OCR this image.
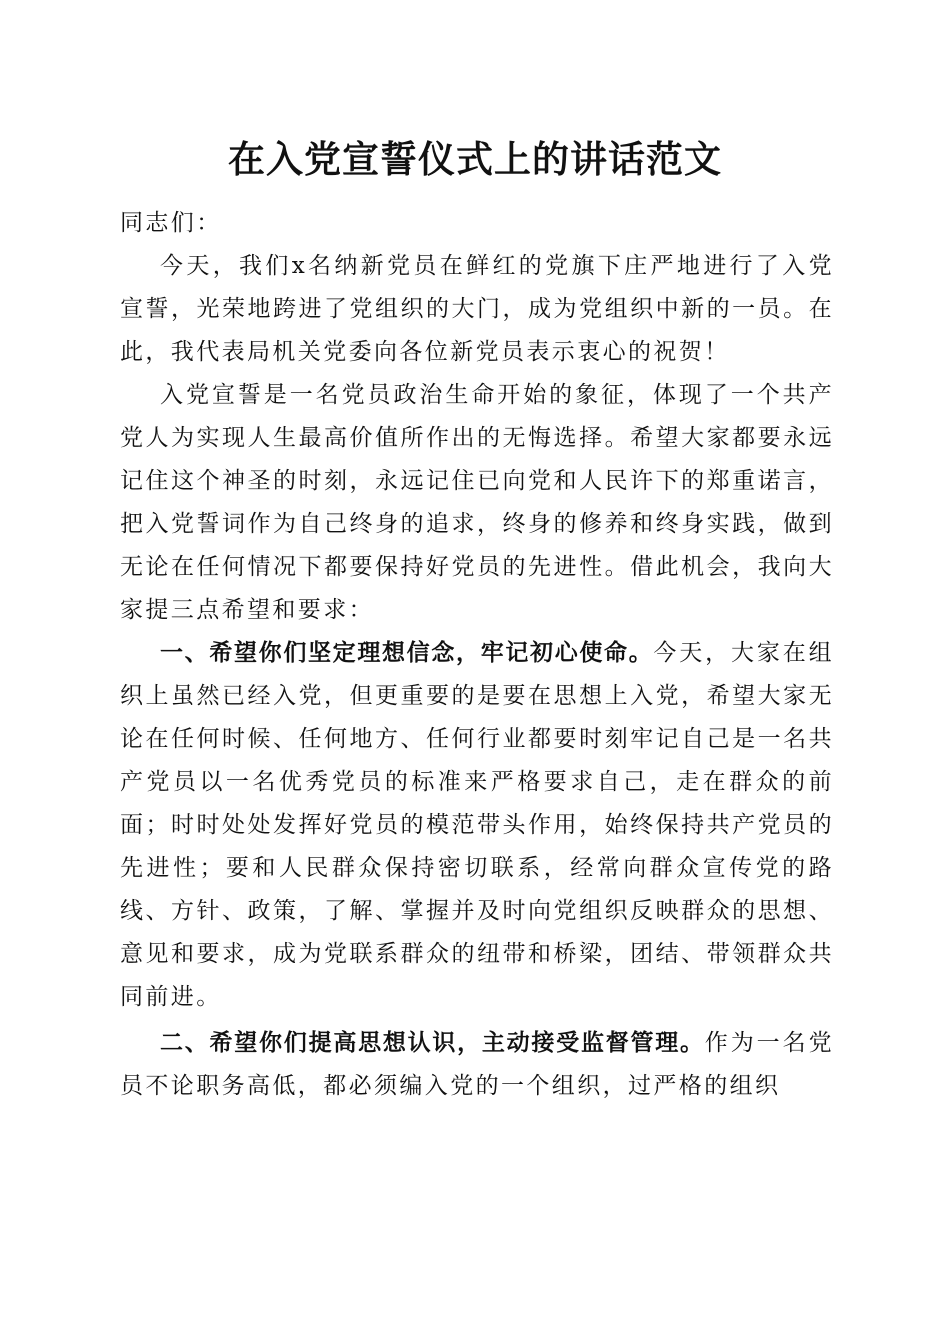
在入党宣誓仪式上的讲话范文

同志们：

今天，我们x名纳新党员在鲜红的党旗下庄严地进行了入党宣誓，光荣地跨进了党组织的大门，成为党组织中新的一员。在此，我代表局机关党委向各位新党员表示衷心的祝贺！

入党宣誓是一名党员政治生命开始的象征，体现了一个共产党人为实现人生最高价值所作出的无悔选择。希望大家都要永远记住这个神圣的时刻，永远记住已向党和人民许下的郑重诺言，把入党誓词作为自己终身的追求，终身的修养和终身实践，做到无论在任何情况下都要保持好党员的先进性。借此机会，我向大家提三点希望和要求：

一、希望你们坚定理想信念，牢记初心使命。今天，大家在组织上虽然已经入党，但更重要的是要在思想上入党，希望大家无论在任何时候、任何地方、任何行业都要时刻牢记自己是一名共产党员以一名优秀党员的标准来严格要求自己，走在群众的前面；时时处处发挥好党员的模范带头作用，始终保持共产党员的先进性；要和人民群众保持密切联系，经常向群众宣传党的路线、方针、政策，了解、掌握并及时向党组织反映群众的思想、意见和要求，成为党联系群众的纽带和桥梁，团结、带领群众共同前进。

二、希望你们提高思想认识，主动接受监督管理。作为一名党员不论职务高低，都必须编入党的一个组织，过严格的组织
